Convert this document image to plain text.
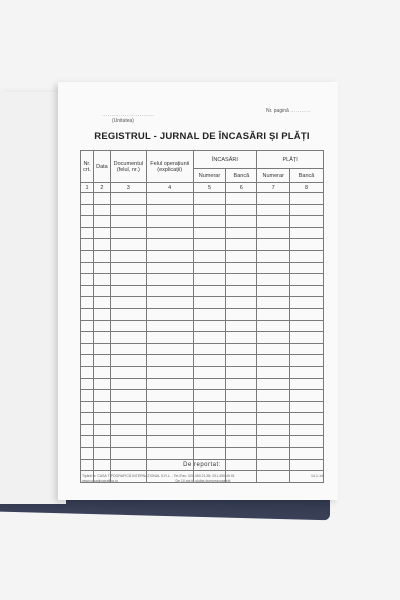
............................
(Unitatea)
Nr. pagină ...........
REGISTRUL - JURNAL DE ÎNCASĂRI ȘI PLĂȚI
Nr. crt.	Data	Documentul (felul, nr.)	Felul operațiunii (explicații)	ÎNCASĂRI		PLĂȚI	
				Numerar	Bancă	Numerar	Bancă
1	2	3	4	5	6	7	8

De reportat:
Tipărit la: CASA TIPOGRAFICĂ INTERNAȚIONAL S.R.L. - Tel./Fax: 021.450.21.55; 021.450.49.91
www.casatipografica.ro	De 10 ani în slujba dumneavoastră!
14-1-1/b
